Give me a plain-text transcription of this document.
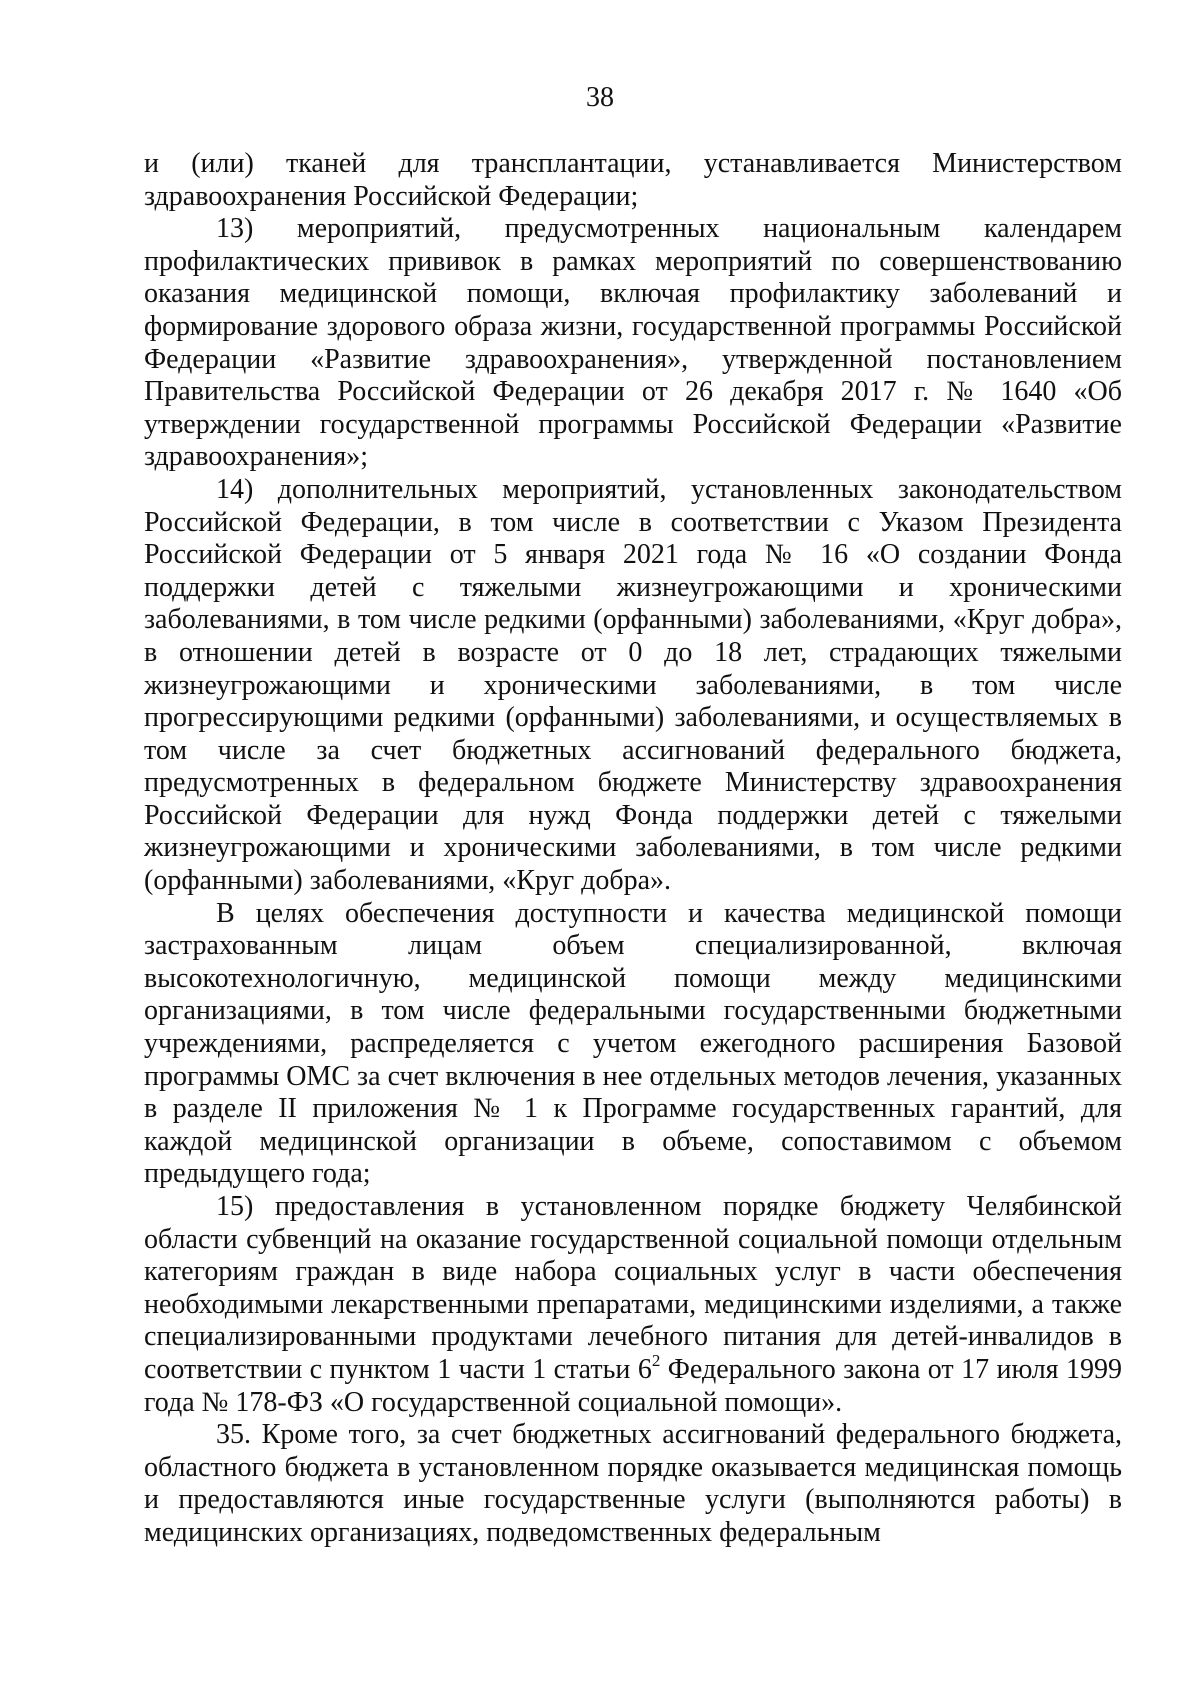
38

и (или) тканей для трансплантации, устанавливается Министерством здравоохранения Российской Федерации;

13) мероприятий, предусмотренных национальным календарем профилактических прививок в рамках мероприятий по совершенствованию оказания медицинской помощи, включая профилактику заболеваний и формирование здорового образа жизни, государственной программы Российской Федерации «Развитие здравоохранения», утвержденной постановлением Правительства Российской Федерации от 26 декабря 2017 г. № 1640 «Об утверждении государственной программы Российской Федерации «Развитие здравоохранения»;

14) дополнительных мероприятий, установленных законодательством Российской Федерации, в том числе в соответствии с Указом Президента Российской Федерации от 5 января 2021 года № 16 «О создании Фонда поддержки детей с тяжелыми жизнеугрожающими и хроническими заболеваниями, в том числе редкими (орфанными) заболеваниями, «Круг добра», в отношении детей в возрасте от 0 до 18 лет, страдающих тяжелыми жизнеугрожающими и хроническими заболеваниями, в том числе прогрессирующими редкими (орфанными) заболеваниями, и осуществляемых в том числе за счет бюджетных ассигнований федерального бюджета, предусмотренных в федеральном бюджете Министерству здравоохранения Российской Федерации для нужд Фонда поддержки детей с тяжелыми жизнеугрожающими и хроническими заболеваниями, в том числе редкими (орфанными) заболеваниями, «Круг добра».

В целях обеспечения доступности и качества медицинской помощи застрахованным лицам объем специализированной, включая высокотехнологичную, медицинской помощи между медицинскими организациями, в том числе федеральными государственными бюджетными учреждениями, распределяется с учетом ежегодного расширения Базовой программы ОМС за счет включения в нее отдельных методов лечения, указанных в разделе II приложения № 1 к Программе государственных гарантий, для каждой медицинской организации в объеме, сопоставимом с объемом предыдущего года;

15) предоставления в установленном порядке бюджету Челябинской области субвенций на оказание государственной социальной помощи отдельным категориям граждан в виде набора социальных услуг в части обеспечения необходимыми лекарственными препаратами, медицинскими изделиями, а также специализированными продуктами лечебного питания для детей-инвалидов в соответствии с пунктом 1 части 1 статьи $6^2$ Федерального закона от 17 июля 1999 года № 178-ФЗ «О государственной социальной помощи».

35. Кроме того, за счет бюджетных ассигнований федерального бюджета, областного бюджета в установленном порядке оказывается медицинская помощь и предоставляются иные государственные услуги (выполняются работы) в медицинских организациях, подведомственных федеральным
